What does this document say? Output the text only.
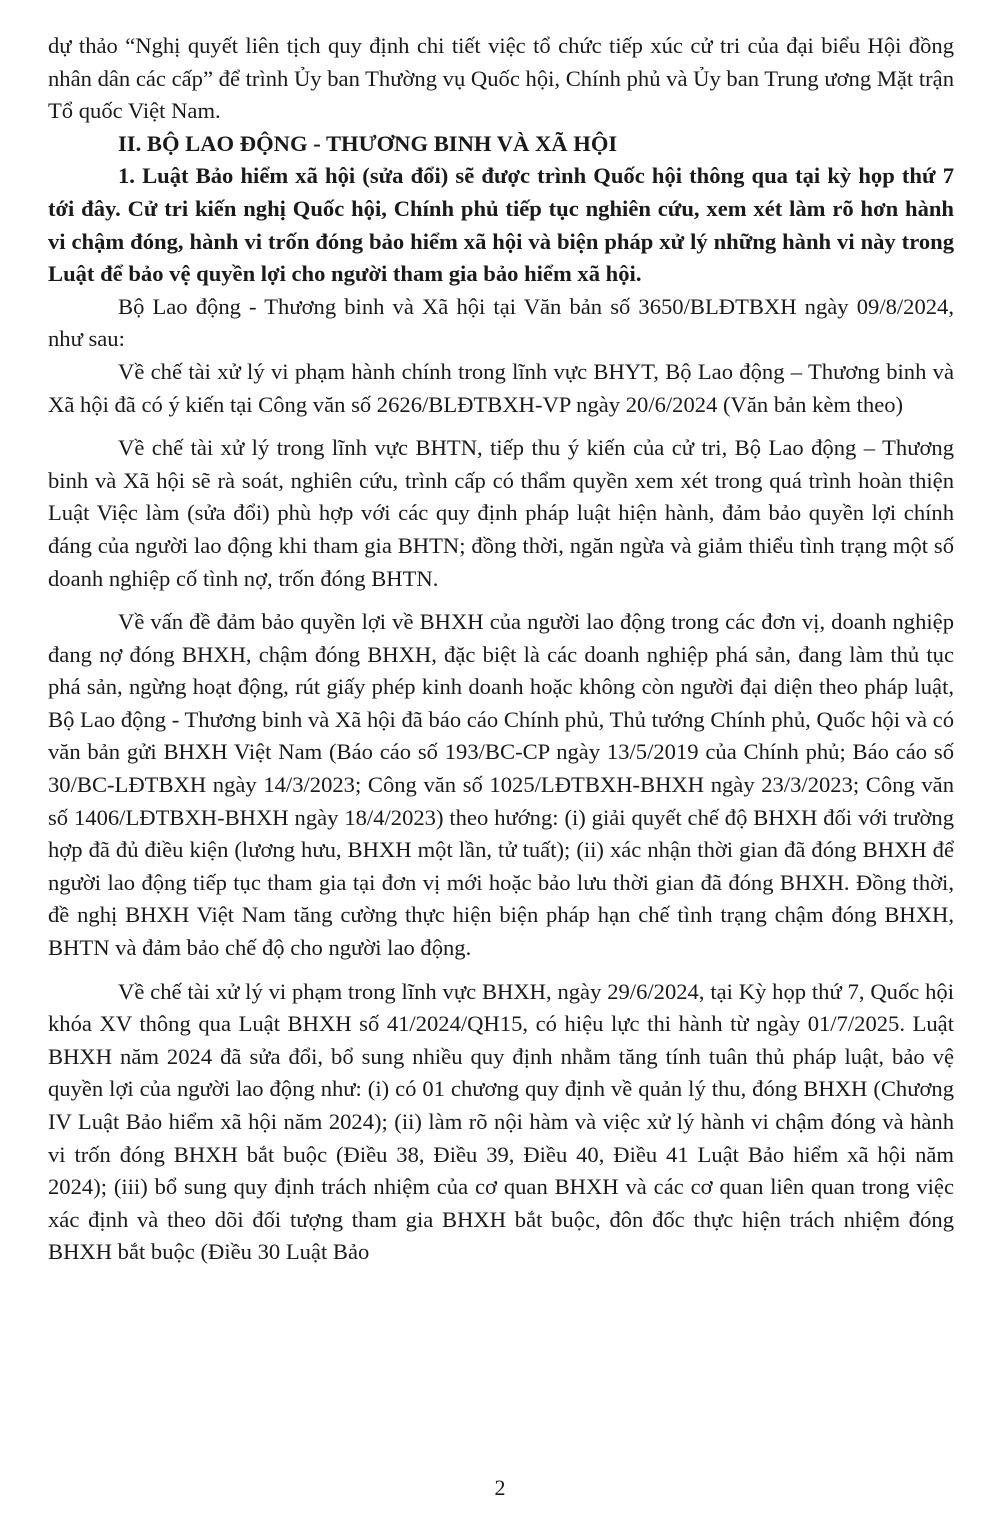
dự thảo “Nghị quyết liên tịch quy định chi tiết việc tổ chức tiếp xúc cử tri của đại biểu Hội đồng nhân dân các cấp” để trình Ủy ban Thường vụ Quốc hội, Chính phủ và Ủy ban Trung ương Mặt trận Tổ quốc Việt Nam.

II. BỘ LAO ĐỘNG - THƯƠNG BINH VÀ XÃ HỘI

1. Luật Bảo hiểm xã hội (sửa đổi) sẽ được trình Quốc hội thông qua tại kỳ họp thứ 7 tới đây. Cử tri kiến nghị Quốc hội, Chính phủ tiếp tục nghiên cứu, xem xét làm rõ hơn hành vi chậm đóng, hành vi trốn đóng bảo hiểm xã hội và biện pháp xử lý những hành vi này trong Luật để bảo vệ quyền lợi cho người tham gia bảo hiểm xã hội.

Bộ Lao động - Thương binh và Xã hội tại Văn bản số 3650/BLĐTBXH ngày 09/8/2024, như sau:

Về chế tài xử lý vi phạm hành chính trong lĩnh vực BHYT, Bộ Lao động – Thương binh và Xã hội đã có ý kiến tại Công văn số 2626/BLĐTBXH-VP ngày 20/6/2024 (Văn bản kèm theo)

Về chế tài xử lý trong lĩnh vực BHTN, tiếp thu ý kiến của cử tri, Bộ Lao động – Thương binh và Xã hội sẽ rà soát, nghiên cứu, trình cấp có thẩm quyền xem xét trong quá trình hoàn thiện Luật Việc làm (sửa đổi) phù hợp với các quy định pháp luật hiện hành, đảm bảo quyền lợi chính đáng của người lao động khi tham gia BHTN; đồng thời, ngăn ngừa và giảm thiểu tình trạng một số doanh nghiệp cố tình nợ, trốn đóng BHTN.

Về vấn đề đảm bảo quyền lợi về BHXH của người lao động trong các đơn vị, doanh nghiệp đang nợ đóng BHXH, chậm đóng BHXH, đặc biệt là các doanh nghiệp phá sản, đang làm thủ tục phá sản, ngừng hoạt động, rút giấy phép kinh doanh hoặc không còn người đại diện theo pháp luật, Bộ Lao động - Thương binh và Xã hội đã báo cáo Chính phủ, Thủ tướng Chính phủ, Quốc hội và có văn bản gửi BHXH Việt Nam (Báo cáo số 193/BC-CP ngày 13/5/2019 của Chính phủ; Báo cáo số 30/BC-LĐTBXH ngày 14/3/2023; Công văn số 1025/LĐTBXH-BHXH ngày 23/3/2023; Công văn số 1406/LĐTBXH-BHXH ngày 18/4/2023) theo hướng: (i) giải quyết chế độ BHXH đối với trường hợp đã đủ điều kiện (lương hưu, BHXH một lần, tử tuất); (ii) xác nhận thời gian đã đóng BHXH để người lao động tiếp tục tham gia tại đơn vị mới hoặc bảo lưu thời gian đã đóng BHXH. Đồng thời, đề nghị BHXH Việt Nam tăng cường thực hiện biện pháp hạn chế tình trạng chậm đóng BHXH, BHTN và đảm bảo chế độ cho người lao động.

Về chế tài xử lý vi phạm trong lĩnh vực BHXH, ngày 29/6/2024, tại Kỳ họp thứ 7, Quốc hội khóa XV thông qua Luật BHXH số 41/2024/QH15, có hiệu lực thi hành từ ngày 01/7/2025. Luật BHXH năm 2024 đã sửa đổi, bổ sung nhiều quy định nhằm tăng tính tuân thủ pháp luật, bảo vệ quyền lợi của người lao động như: (i) có 01 chương quy định về quản lý thu, đóng BHXH (Chương IV Luật Bảo hiểm xã hội năm 2024); (ii) làm rõ nội hàm và việc xử lý hành vi chậm đóng và hành vi trốn đóng BHXH bắt buộc (Điều 38, Điều 39, Điều 40, Điều 41 Luật Bảo hiểm xã hội năm 2024); (iii) bổ sung quy định trách nhiệm của cơ quan BHXH và các cơ quan liên quan trong việc xác định và theo dõi đối tượng tham gia BHXH bắt buộc, đôn đốc thực hiện trách nhiệm đóng BHXH bắt buộc (Điều 30 Luật Bảo

2
